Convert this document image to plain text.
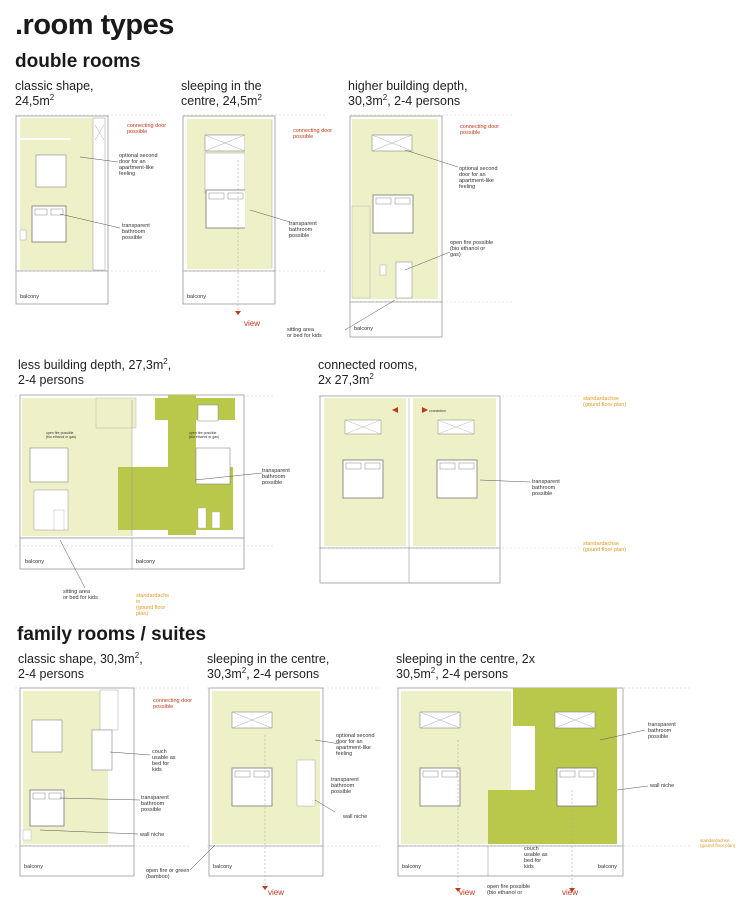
.room types
double rooms
family rooms / suites
classic shape,
$24,5m^2$
sleeping in the
centre, $24,5m^2$
higher building depth,
$30,3m^2$, 2-4 persons
less building depth, $27,3m^2$,
2-4 persons
connected rooms,
2x $27,3m^2$
classic shape, $30,3m^2$,
2-4 persons
sleeping in the centre,
$30,3m^2$, 2-4 persons
sleeping in the centre, 2x
$30,5m^2$, 2-4 persons
connecting door
possible
optional second
door for an
apartment-like
feeling
transparent
bathroom
possible
balcony
connecting door
possible
transparent
bathroom
possible
balcony
view
connecting door
possible
optional second
door for an
apartment-like
feeling
open fire possible
(bio ethanol or
gas)
sitting area
or bed for kids
balcony
open fire possible
(bio ethanol or gas)
open fire possible
(bio ethanol or gas)
transparent
bathroom
possible
balcony	balcony
sitting area
or bed for kids	standardachs
is
(gound floor
plan)
connection
standardachse
(gound floor plan)
transparent
bathroom
possible
standardachse
(gound floor plan)
connecting door
possible
couch
usable as
bed for
kids
transparent
bathroom
possible
wall niche
balcony
open fire or green
(bamboo)
optional second
door for an
apartment-like
feeling
transparent
bathroom
possible
wall niche
balcony
view
transparent
bathroom
possible
wall niche
standardachse
(gound floor plan)
couch
usable as
bed for
kids
balcony	balcony
view	view
open fire possible
(bio ethanol or
